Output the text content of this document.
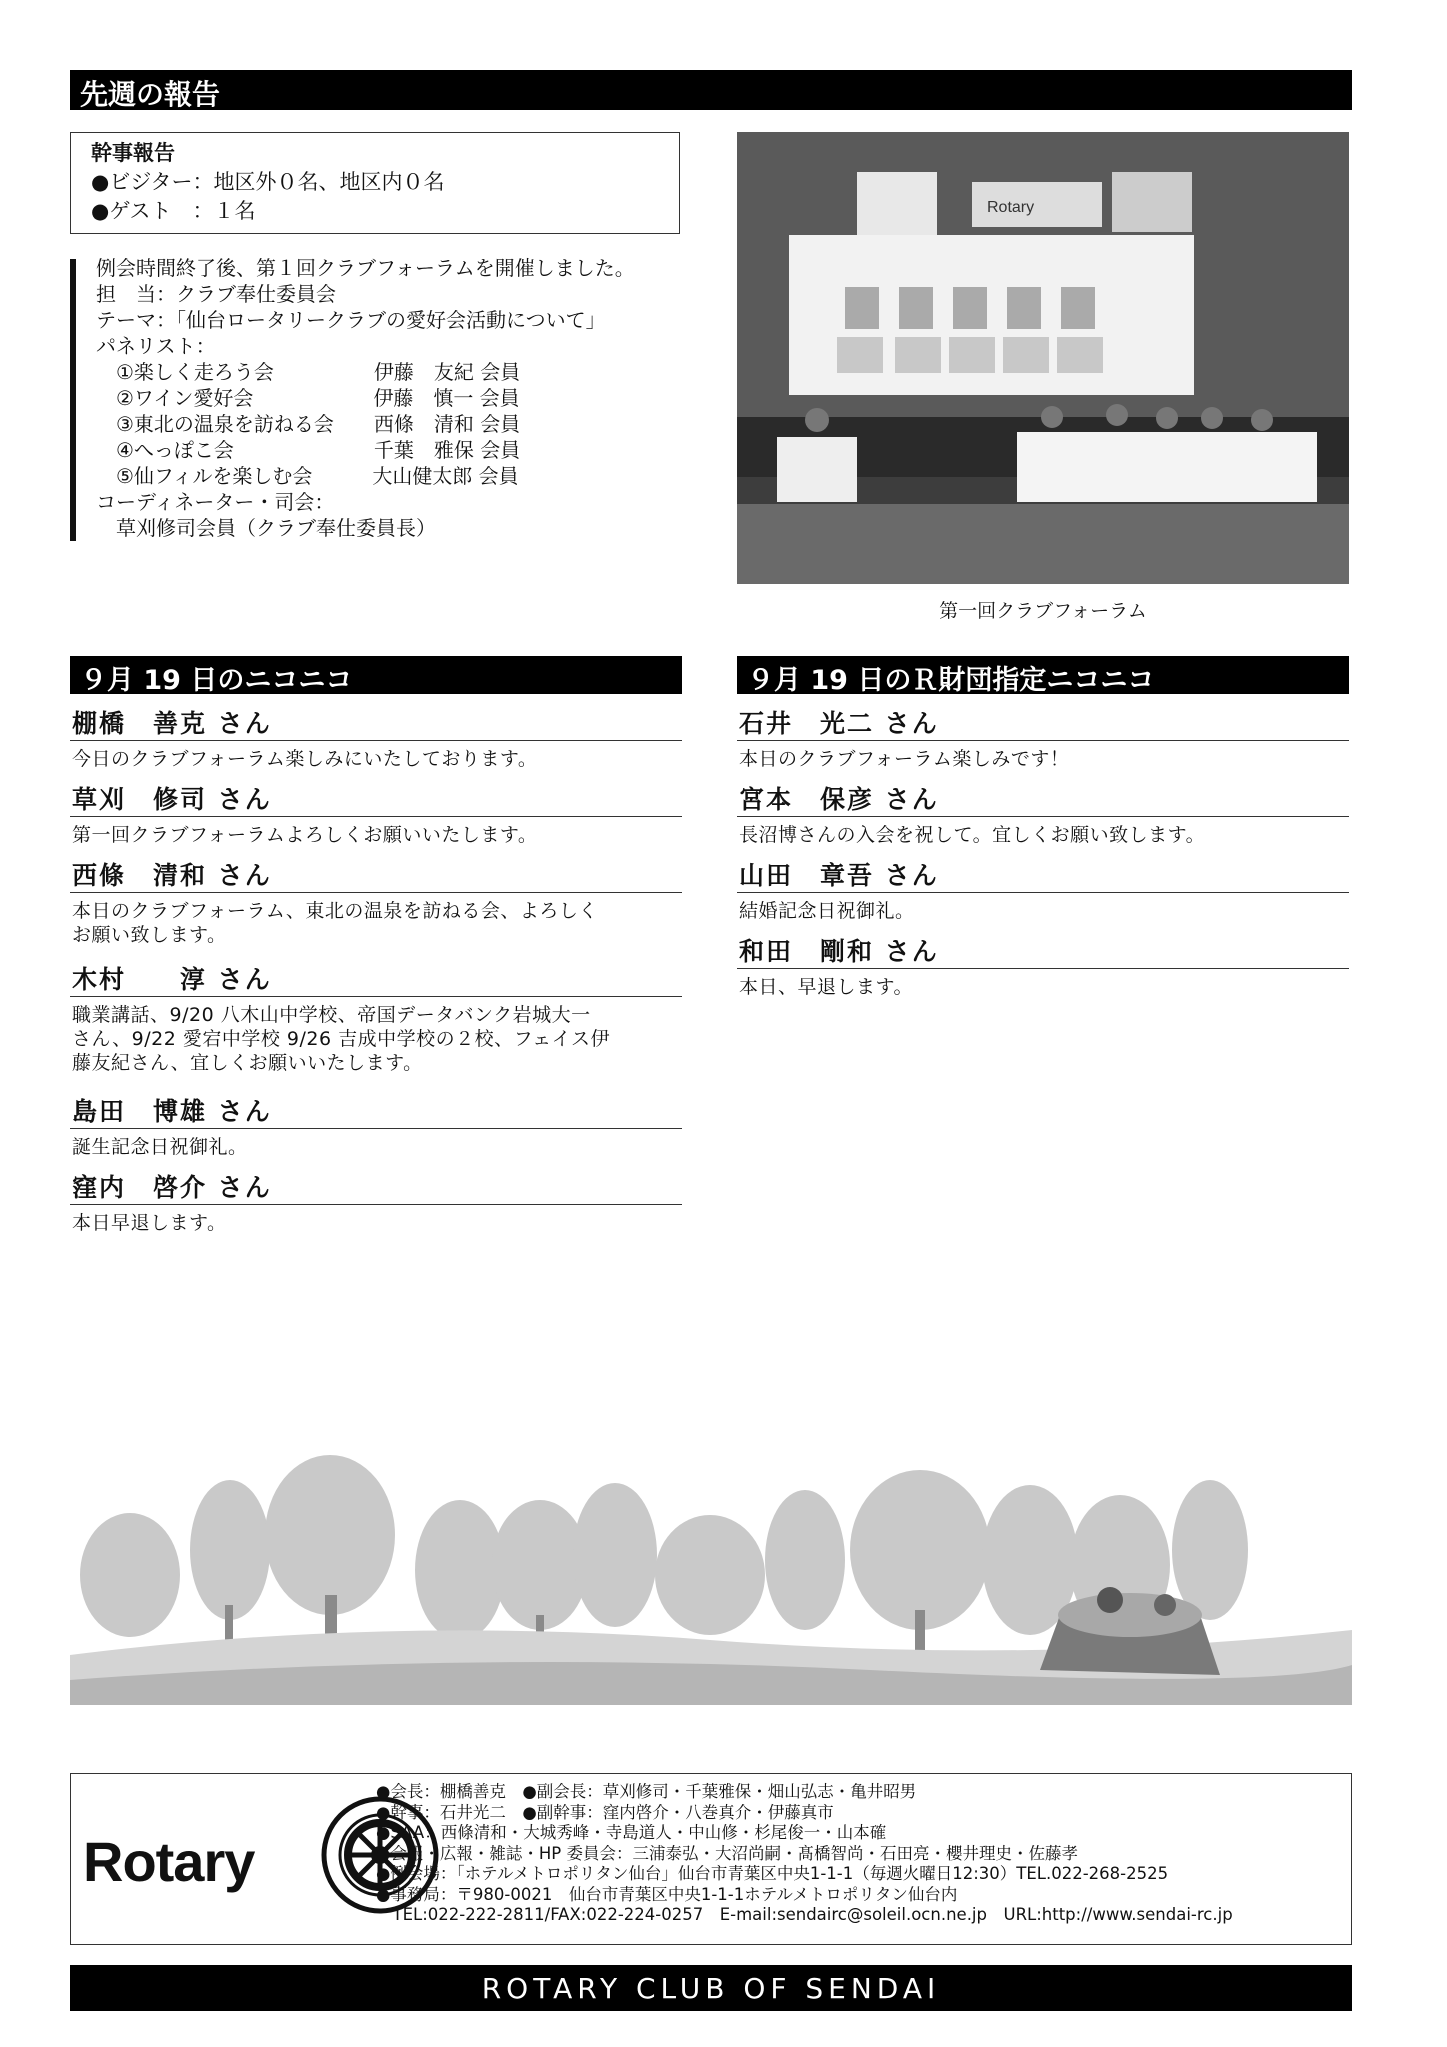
先週の報告
幹事報告
●ビジター：地区外０名、地区内０名
●ゲスト　：１名
例会時間終了後、第１回クラブフォーラムを開催しました。
担　当：クラブ奉仕委員会
テーマ：「仙台ロータリークラブの愛好会活動について」
パネリスト：
　①楽しく走ろう会　　　　　伊藤　友紀 会員
　②ワイン愛好会　　　　　　伊藤　慎一 会員
　③東北の温泉を訪ねる会　　西條　清和 会員
　④へっぽこ会　　　　　　　千葉　雅保 会員
　⑤仙フィルを楽しむ会　　　大山健太郎 会員
コーディネーター・司会：
　草刈修司会員（クラブ奉仕委員長）
Rotary
第一回クラブフォーラム
９月 19 日のニコニコ	９月 19 日のＲ財団指定ニコニコ
棚橋　善克 さん
今日のクラブフォーラム楽しみにいたしております。
草刈　修司 さん
第一回クラブフォーラムよろしくお願いいたします。
西條　清和 さん
本日のクラブフォーラム、東北の温泉を訪ねる会、よろしく
お願い致します。
木村　　淳 さん
職業講話、9/20 八木山中学校、帝国データバンク岩城大一
さん、9/22 愛宕中学校 9/26 吉成中学校の２校、フェイス伊
藤友紀さん、宜しくお願いいたします。
島田　博雄 さん
誕生記念日祝御礼。
窪内　啓介 さん
本日早退します。
石井　光二 さん
本日のクラブフォーラム楽しみです！
宮本　保彦 さん
長沼博さんの入会を祝して。宜しくお願い致します。
山田　章吾 さん
結婚記念日祝御礼。
和田　剛和 さん
本日、早退します。
Rotary
●会長：棚橋善克　●副会長：草刈修司・千葉雅保・畑山弘志・亀井昭男
●幹事：石井光二　●副幹事：窪内啓介・八巻真介・伊藤真市
●SAA：西條清和・大城秀峰・寺島道人・中山修・杉尾俊一・山本確
●会報・広報・雑誌・HP 委員会：三浦泰弘・大沼尚嗣・髙橋智尚・石田亮・櫻井理史・佐藤孝
●例会場：「ホテルメトロポリタン仙台」仙台市青葉区中央1-1-1（毎週火曜日12:30）TEL.022-268-2525
●事務局：〒980-0021　仙台市青葉区中央1-1-1ホテルメトロポリタン仙台内
　TEL:022-222-2811/FAX:022-224-0257　E-mail:sendairc@soleil.ocn.ne.jp　URL:http://www.sendai-rc.jp
ROTARY CLUB OF SENDAI
